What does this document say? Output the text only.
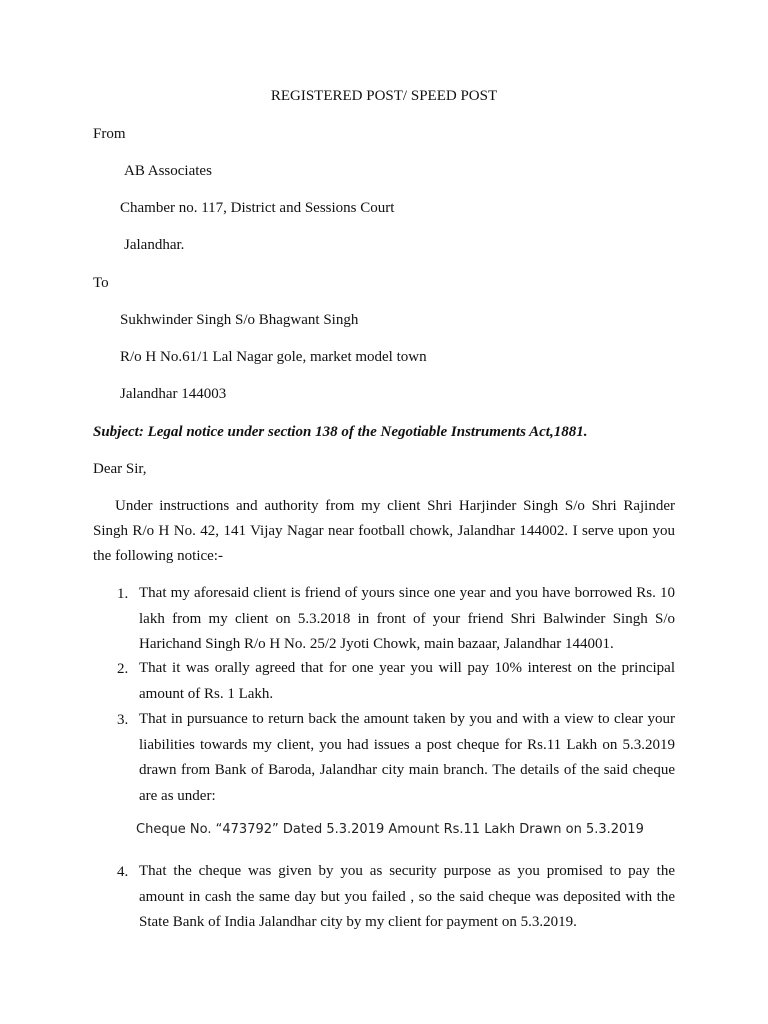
REGISTERED POST/ SPEED POST
From
AB Associates
Chamber no. 117, District and Sessions Court
Jalandhar.
To
Sukhwinder Singh S/o Bhagwant Singh
R/o H No.61/1 Lal Nagar gole, market model town
Jalandhar 144003
Subject: Legal notice under section 138 of the Negotiable Instruments Act,1881.
Dear Sir,
Under instructions and authority from my client Shri Harjinder Singh S/o Shri Rajinder Singh R/o H No. 42, 141 Vijay Nagar near football chowk, Jalandhar 144002. I serve upon you the following notice:-
1. That my aforesaid client is friend of yours since one year and you have borrowed Rs. 10 lakh from my client on 5.3.2018 in front of your friend Shri Balwinder Singh S/o Harichand Singh R/o H No. 25/2 Jyoti Chowk, main bazaar, Jalandhar 144001.
2. That it was orally agreed that for one year you will pay 10% interest on the principal amount of Rs. 1 Lakh.
3. That in pursuance to return back the amount taken by you and with a view to clear your liabilities towards my client, you had issues a post cheque for Rs.11 Lakh on 5.3.2019 drawn from Bank of Baroda, Jalandhar city main branch. The details of the said cheque are as under:
Cheque No. “473792” Dated 5.3.2019 Amount Rs.11 Lakh Drawn on 5.3.2019
4. That the cheque was given by you as security purpose as you promised to pay the amount in cash the same day but you failed , so the said cheque was deposited with the State Bank of India Jalandhar city by my client for payment on 5.3.2019.
